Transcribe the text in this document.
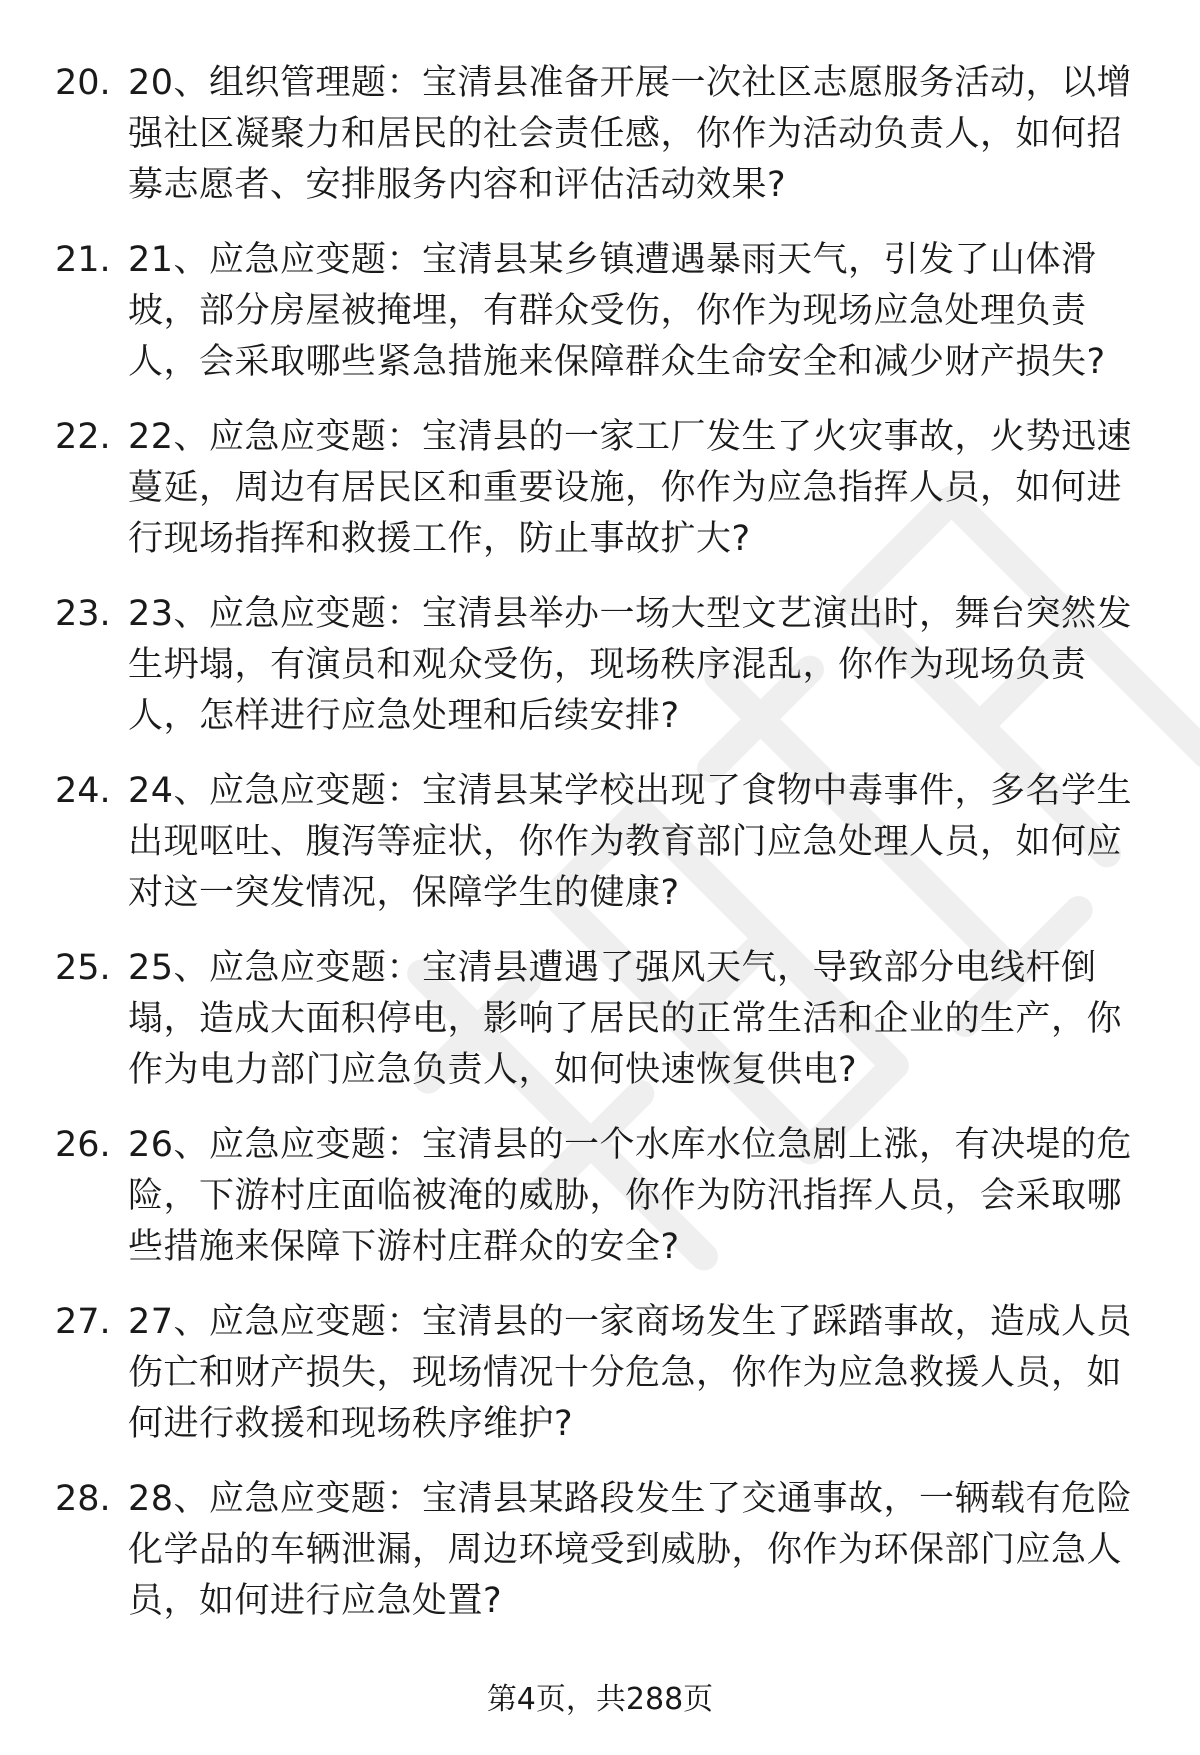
20. 20、组织管理题：宝清县准备开展一次社区志愿服务活动，以增强社区凝聚力和居民的社会责任感，你作为活动负责人，如何招募志愿者、安排服务内容和评估活动效果?
21. 21、应急应变题：宝清县某乡镇遭遇暴雨天气，引发了山体滑坡，部分房屋被掩埋，有群众受伤，你作为现场应急处理负责人，会采取哪些紧急措施来保障群众生命安全和减少财产损失?
22. 22、应急应变题：宝清县的一家工厂发生了火灾事故，火势迅速蔓延，周边有居民区和重要设施，你作为应急指挥人员，如何进行现场指挥和救援工作，防止事故扩大?
23. 23、应急应变题：宝清县举办一场大型文艺演出时，舞台突然发生坍塌，有演员和观众受伤，现场秩序混乱，你作为现场负责人，怎样进行应急处理和后续安排?
24. 24、应急应变题：宝清县某学校出现了食物中毒事件，多名学生出现呕吐、腹泻等症状，你作为教育部门应急处理人员，如何应对这一突发情况，保障学生的健康?
25. 25、应急应变题：宝清县遭遇了强风天气，导致部分电线杆倒塌，造成大面积停电，影响了居民的正常生活和企业的生产，你作为电力部门应急负责人，如何快速恢复供电?
26. 26、应急应变题：宝清县的一个水库水位急剧上涨，有决堤的危险，下游村庄面临被淹的威胁，你作为防汛指挥人员，会采取哪些措施来保障下游村庄群众的安全?
27. 27、应急应变题：宝清县的一家商场发生了踩踏事故，造成人员伤亡和财产损失，现场情况十分危急，你作为应急救援人员，如何进行救援和现场秩序维护?
28. 28、应急应变题：宝清县某路段发生了交通事故，一辆载有危险化学品的车辆泄漏，周边环境受到威胁，你作为环保部门应急人员，如何进行应急处置?
第4页，共288页
